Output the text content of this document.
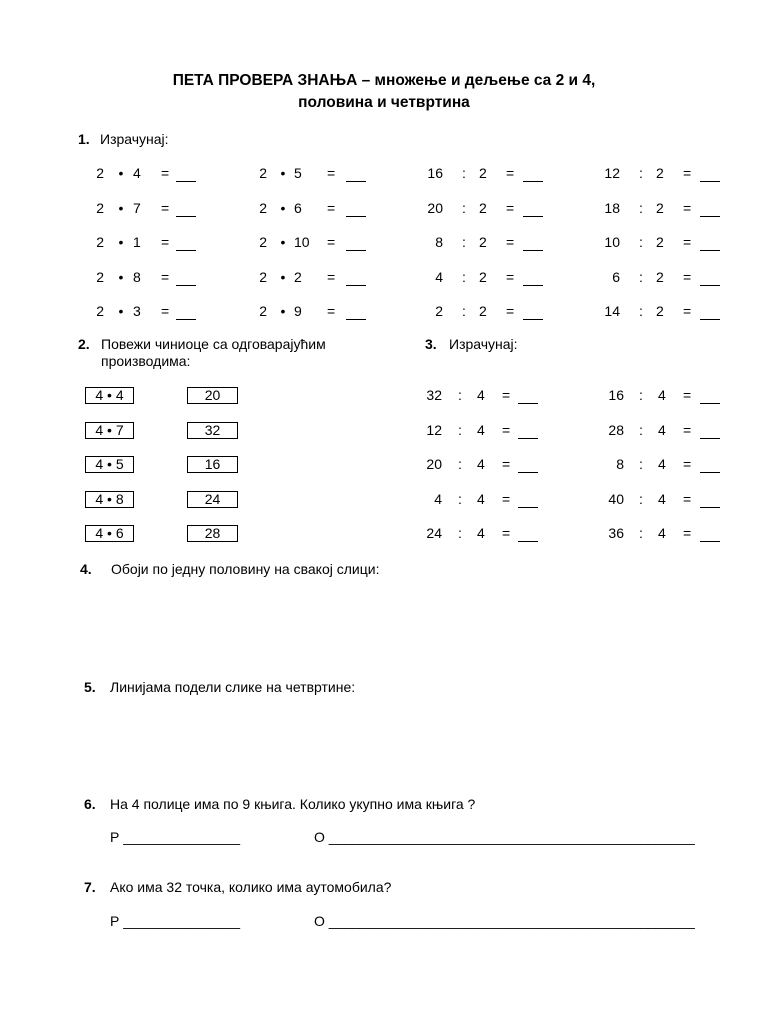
ПЕТА ПРОВЕРА ЗНАЊА – множење и дељење са 2 и 4,
половина и четвртина
1. Израчунај:
2 • 4 =
2 • 7 =
2 • 1 =
2 • 8 =
2 • 3 =
2 • 5 =
2 • 6 =
2 • 10 =
2 • 2 =
2 • 9 =
16 : 2 =
20 : 2 =
8 : 2 =
4 : 2 =
2 : 2 =
12 : 2 =
18 : 2 =
10 : 2 =
6 : 2 =
14 : 2 =
2. Повежи чиниоце са одговарајућим
производима:
4 • 4
4 • 7
4 • 5
4 • 8
4 • 6
20
32
16
24
28
3. Израчунај:
32 : 4 =
12 : 4 =
20 : 4 =
4 : 4 =
24 : 4 =
16 : 4 =
28 : 4 =
8 : 4 =
40 : 4 =
36 : 4 =
4. Обоји по једну половину на свакој слици:
5. Линијама подели слике на четвртине:
6. На 4 полице има по 9 књига. Колико укупно има књига ?
Р _______________	О _______________________________________________
7. Ако има 32 точка, колико има аутомобила?
Р _______________	О _______________________________________________
